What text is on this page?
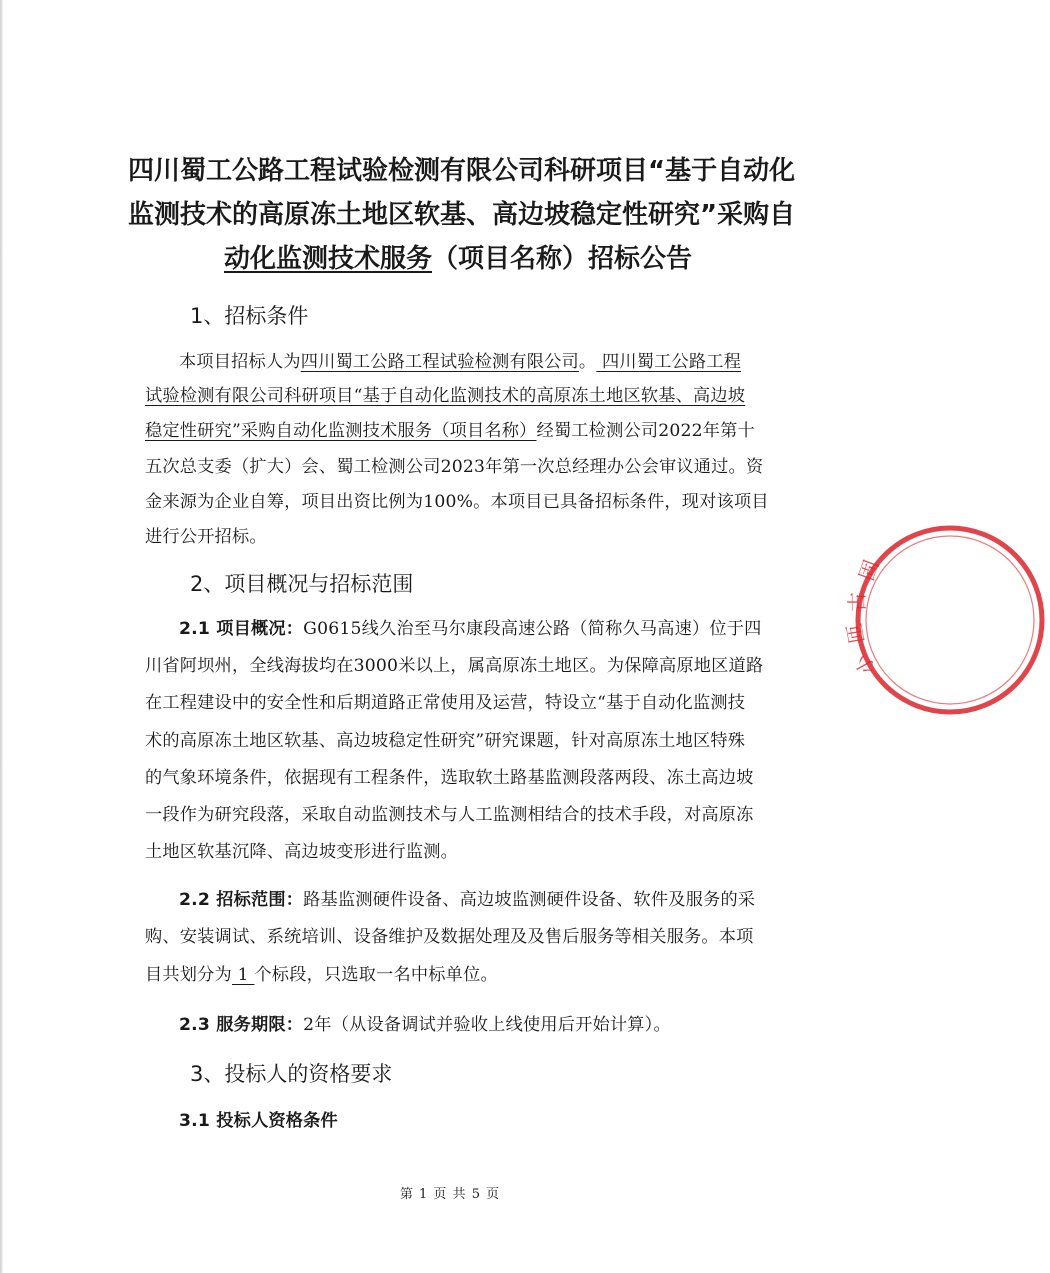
四川蜀工公路工程试验检测有限公司科研项目“基于自动化
监测技术的高原冻土地区软基、高边坡稳定性研究”采购自
动化监测技术服务（项目名称）招标公告
1、招标条件
本项目招标人为四川蜀工公路工程试验检测有限公司。 四川蜀工公路工程
试验检测有限公司科研项目“基于自动化监测技术的高原冻土地区软基、高边坡
稳定性研究”采购自动化监测技术服务（项目名称）经蜀工检测公司2022年第十
五次总支委（扩大）会、蜀工检测公司2023年第一次总经理办公会审议通过。资
金来源为企业自筹，项目出资比例为100%。本项目已具备招标条件，现对该项目
进行公开招标。
2、项目概况与招标范围
2.1 项目概况：G0615线久治至马尔康段高速公路（简称久马高速）位于四
川省阿坝州，全线海拔均在3000米以上，属高原冻土地区。为保障高原地区道路
在工程建设中的安全性和后期道路正常使用及运营，特设立“基于自动化监测技
术的高原冻土地区软基、高边坡稳定性研究”研究课题，针对高原冻土地区特殊
的气象环境条件，依据现有工程条件，选取软土路基监测段落两段、冻土高边坡
一段作为研究段落，采取自动监测技术与人工监测相结合的技术手段，对高原冻
土地区软基沉降、高边坡变形进行监测。
2.2 招标范围：路基监测硬件设备、高边坡监测硬件设备、软件及服务的采
购、安装调试、系统培训、设备维护及数据处理及及售后服务等相关服务。本项
目共划分为 1 个标段，只选取一名中标单位。
2.3 服务期限：2年（从设备调试并验收上线使用后开始计算）。
3、投标人的资格要求
3.1 投标人资格条件
第 1 页 共 5 页
固
古
匝
小
